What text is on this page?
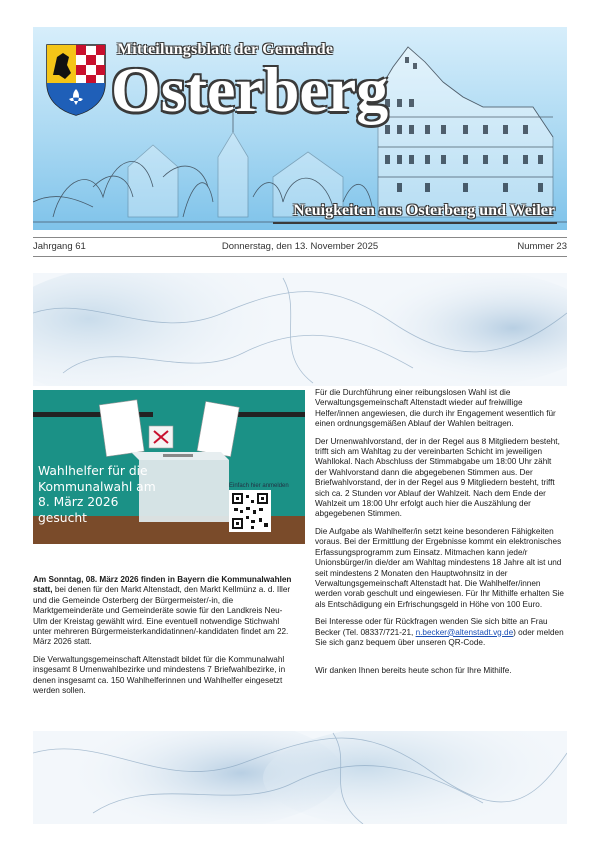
Mitteilungsblatt der Gemeinde
Osterberg
Neuigkeiten aus Osterberg und Weiler
Jahrgang 61	Donnerstag, den 13. November 2025	Nummer 23
Wahlhelfer für die Kommunalwahl am 8. März 2026 gesucht
Einfach hier anmelden

Am Sonntag, 08. März 2026 finden in Bayern die Kommunalwahlen statt, bei denen für den Markt Altenstadt, den Markt Kellmünz a. d. Iller und die Gemeinde Osterberg der Bürgermeister/-in, die Marktgemeinderäte und Gemeinderäte sowie für den Landkreis Neu-Ulm der Kreistag gewählt wird. Eine eventuell notwendige Stichwahl unter mehreren Bürgermeisterkandidatinnen/-kandidaten findet am 22. März 2026 statt.

Die Verwaltungsgemeinschaft Altenstadt bildet für die Kommunalwahl insgesamt 8 Urnenwahlbezirke und mindestens 7 Briefwahlbezirke, in denen insgesamt ca. 150 Wahlhelferinnen und Wahlhelfer eingesetzt werden sollen.

Für die Durchführung einer reibungslosen Wahl ist die Verwaltungsgemeinschaft Altenstadt wieder auf freiwillige Helfer/innen angewiesen, die durch ihr Engagement wesentlich für einen ordnungsgemäßen Ablauf der Wahlen beitragen.

Der Urnenwahlvorstand, der in der Regel aus 8 Mitgliedern besteht, trifft sich am Wahltag zu der vereinbarten Schicht im jeweiligen Wahllokal. Nach Abschluss der Stimmabgabe um 18:00 Uhr zählt der Wahlvorstand dann die abgegebenen Stimmen aus. Der Briefwahlvorstand, der in der Regel aus 9 Mitgliedern besteht, trifft sich ca. 2 Stunden vor Ablauf der Wahlzeit. Nach dem Ende der Wahlzeit um 18:00 Uhr erfolgt auch hier die Auszählung der abgegebenen Stimmen.

Die Aufgabe als Wahlhelfer/in setzt keine besonderen Fähigkeiten voraus. Bei der Ermittlung der Ergebnisse kommt ein elektronisches Erfassungsprogramm zum Einsatz. Mitmachen kann jede/r Unionsbürger/in die/der am Wahltag mindestens 18 Jahre alt ist und seit mindestens 2 Monaten den Hauptwohnsitz in der Verwaltungsgemeinschaft Altenstadt hat. Die Wahlhelfer/innen werden vorab geschult und eingewiesen. Für Ihr Mithilfe erhalten Sie als Entschädigung ein Erfrischungsgeld in Höhe von 100 Euro.

Bei Interesse oder für Rückfragen wenden Sie sich bitte an Frau Becker (Tel. 08337/721-21, n.becker@altenstadt.vg.de) oder melden Sie sich ganz bequem über unseren QR-Code.

Wir danken Ihnen bereits heute schon für Ihre Mithilfe.
